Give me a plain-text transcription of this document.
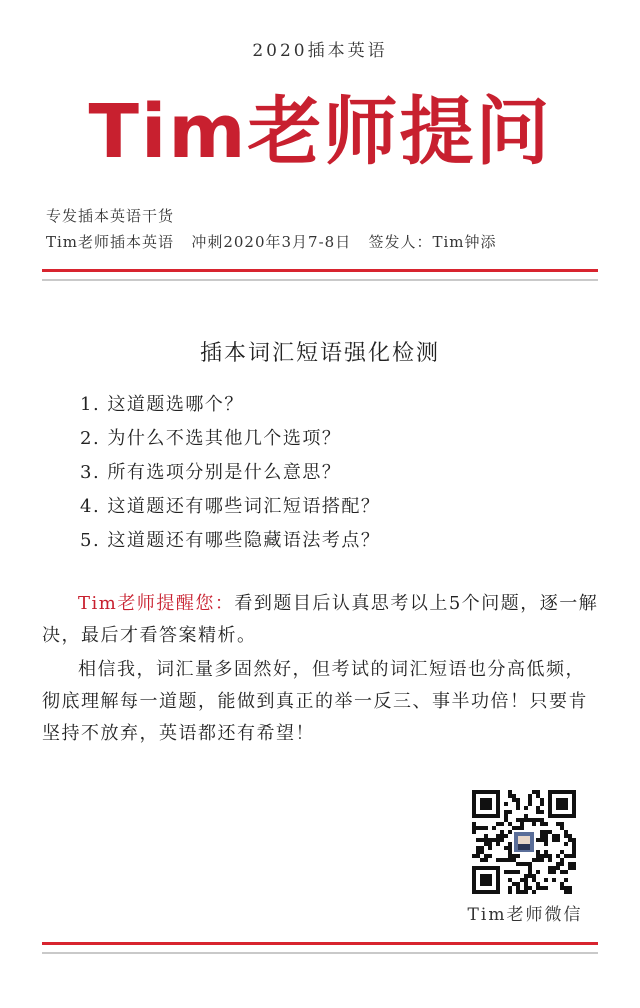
2020插本英语
Tim老师提问
专发插本英语干货
Tim老师插本英语   冲刺2020年3月7-8日   签发人：Tim钟添
插本词汇短语强化检测
1. 这道题选哪个？
2. 为什么不选其他几个选项？
3. 所有选项分别是什么意思？
4. 这道题还有哪些词汇短语搭配？
5. 这道题还有哪些隐藏语法考点？

Tim老师提醒您：看到题目后认真思考以上5个问题，逐一解决，最后才看答案精析。

相信我，词汇量多固然好，但考试的词汇短语也分高低频，彻底理解每一道题，能做到真正的举一反三、事半功倍！只要肯坚持不放弃，英语都还有希望！

Tim老师微信
